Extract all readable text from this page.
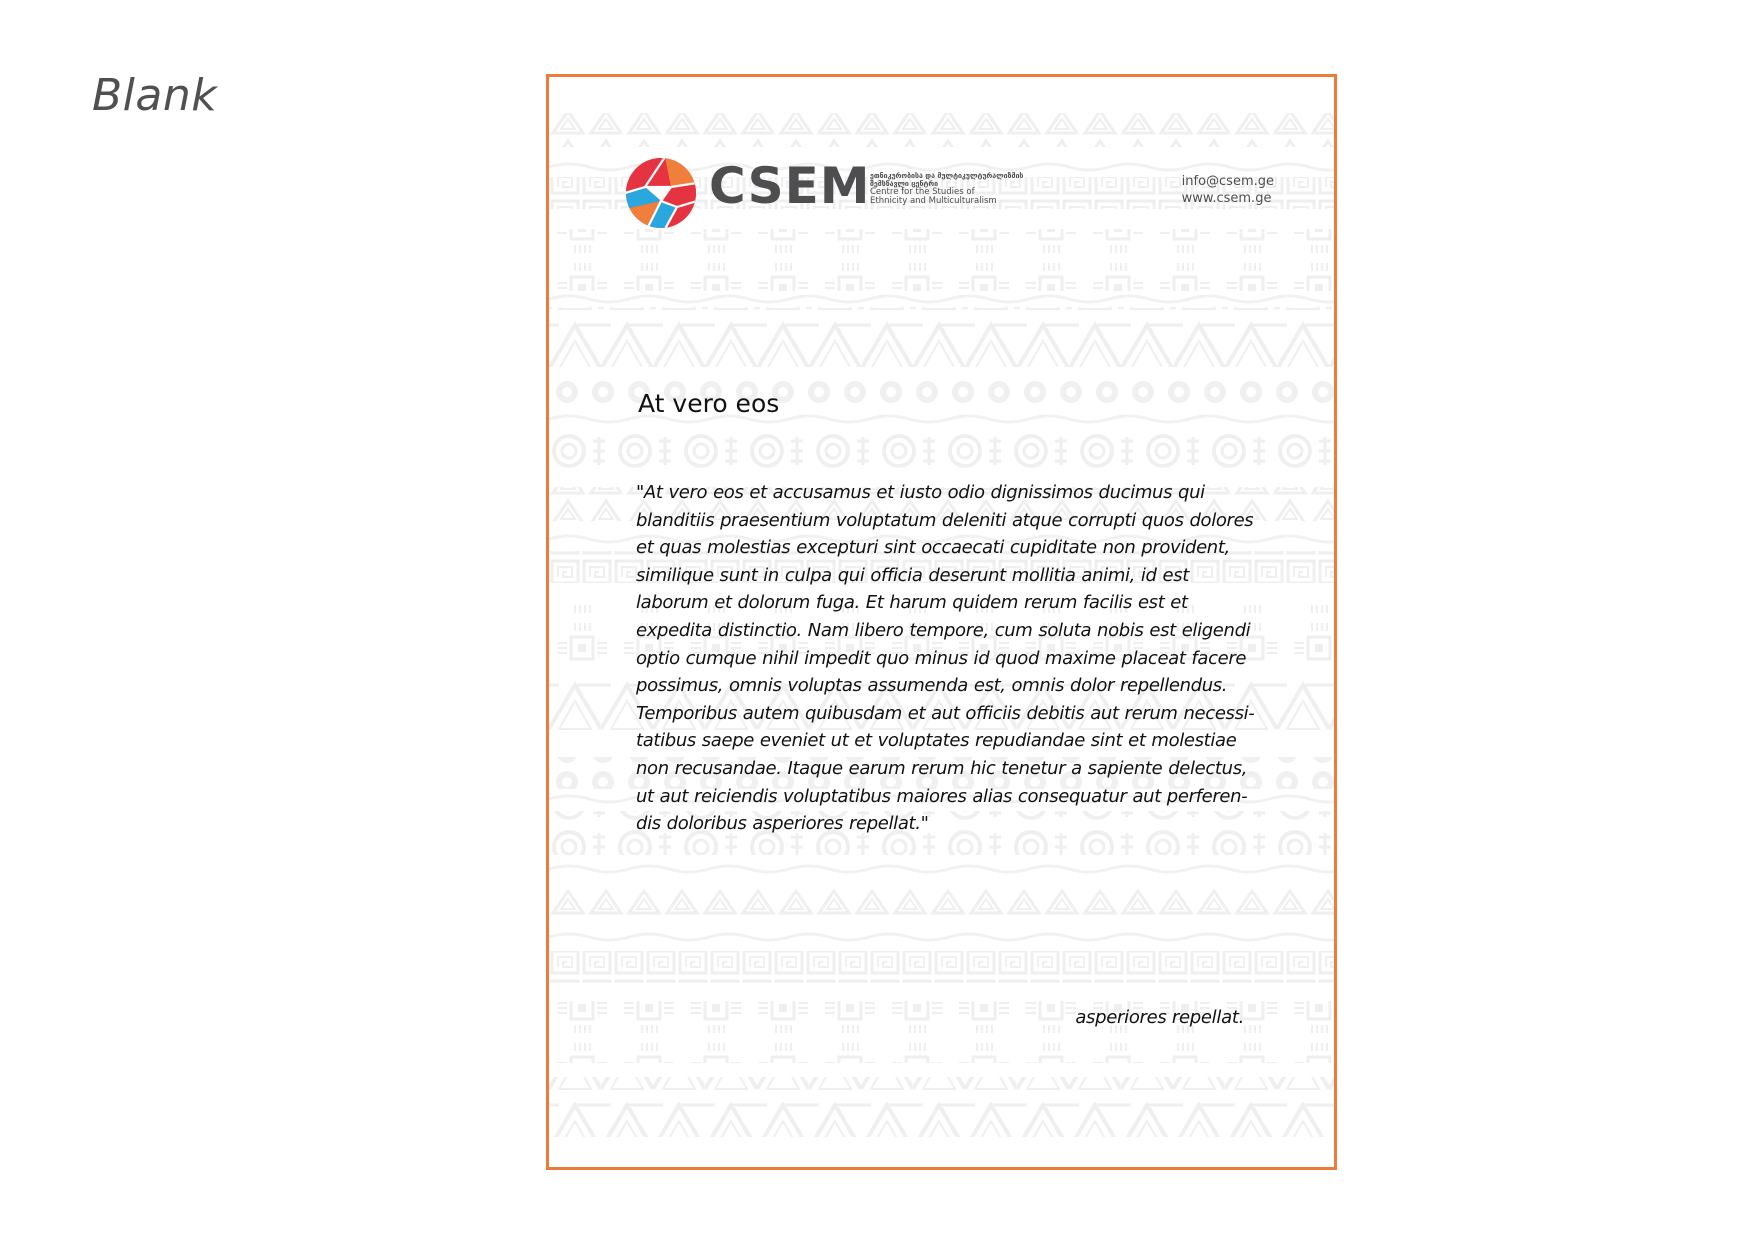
Blank
CSEM ეთნიკურობისა და მულტიკულტურალიზმის
შემსწავლი ცენტრი
Centre for the Studies of
Ethnicity and Multiculturalism
info@csem.ge
www.csem.ge
At vero eos

"At vero eos et accusamus et iusto odio dignissimos ducimus qui
blanditiis praesentium voluptatum deleniti atque corrupti quos dolores
et quas molestias excepturi sint occaecati cupiditate non provident,
similique sunt in culpa qui officia deserunt mollitia animi, id est
laborum et dolorum fuga. Et harum quidem rerum facilis est et
expedita distinctio. Nam libero tempore, cum soluta nobis est eligendi
optio cumque nihil impedit quo minus id quod maxime placeat facere
possimus, omnis voluptas assumenda est, omnis dolor repellendus.
Temporibus autem quibusdam et aut officiis debitis aut rerum necessi-
tatibus saepe eveniet ut et voluptates repudiandae sint et molestiae
non recusandae. Itaque earum rerum hic tenetur a sapiente delectus,
ut aut reiciendis voluptatibus maiores alias consequatur aut perferen-
dis doloribus asperiores repellat."

asperiores repellat.
